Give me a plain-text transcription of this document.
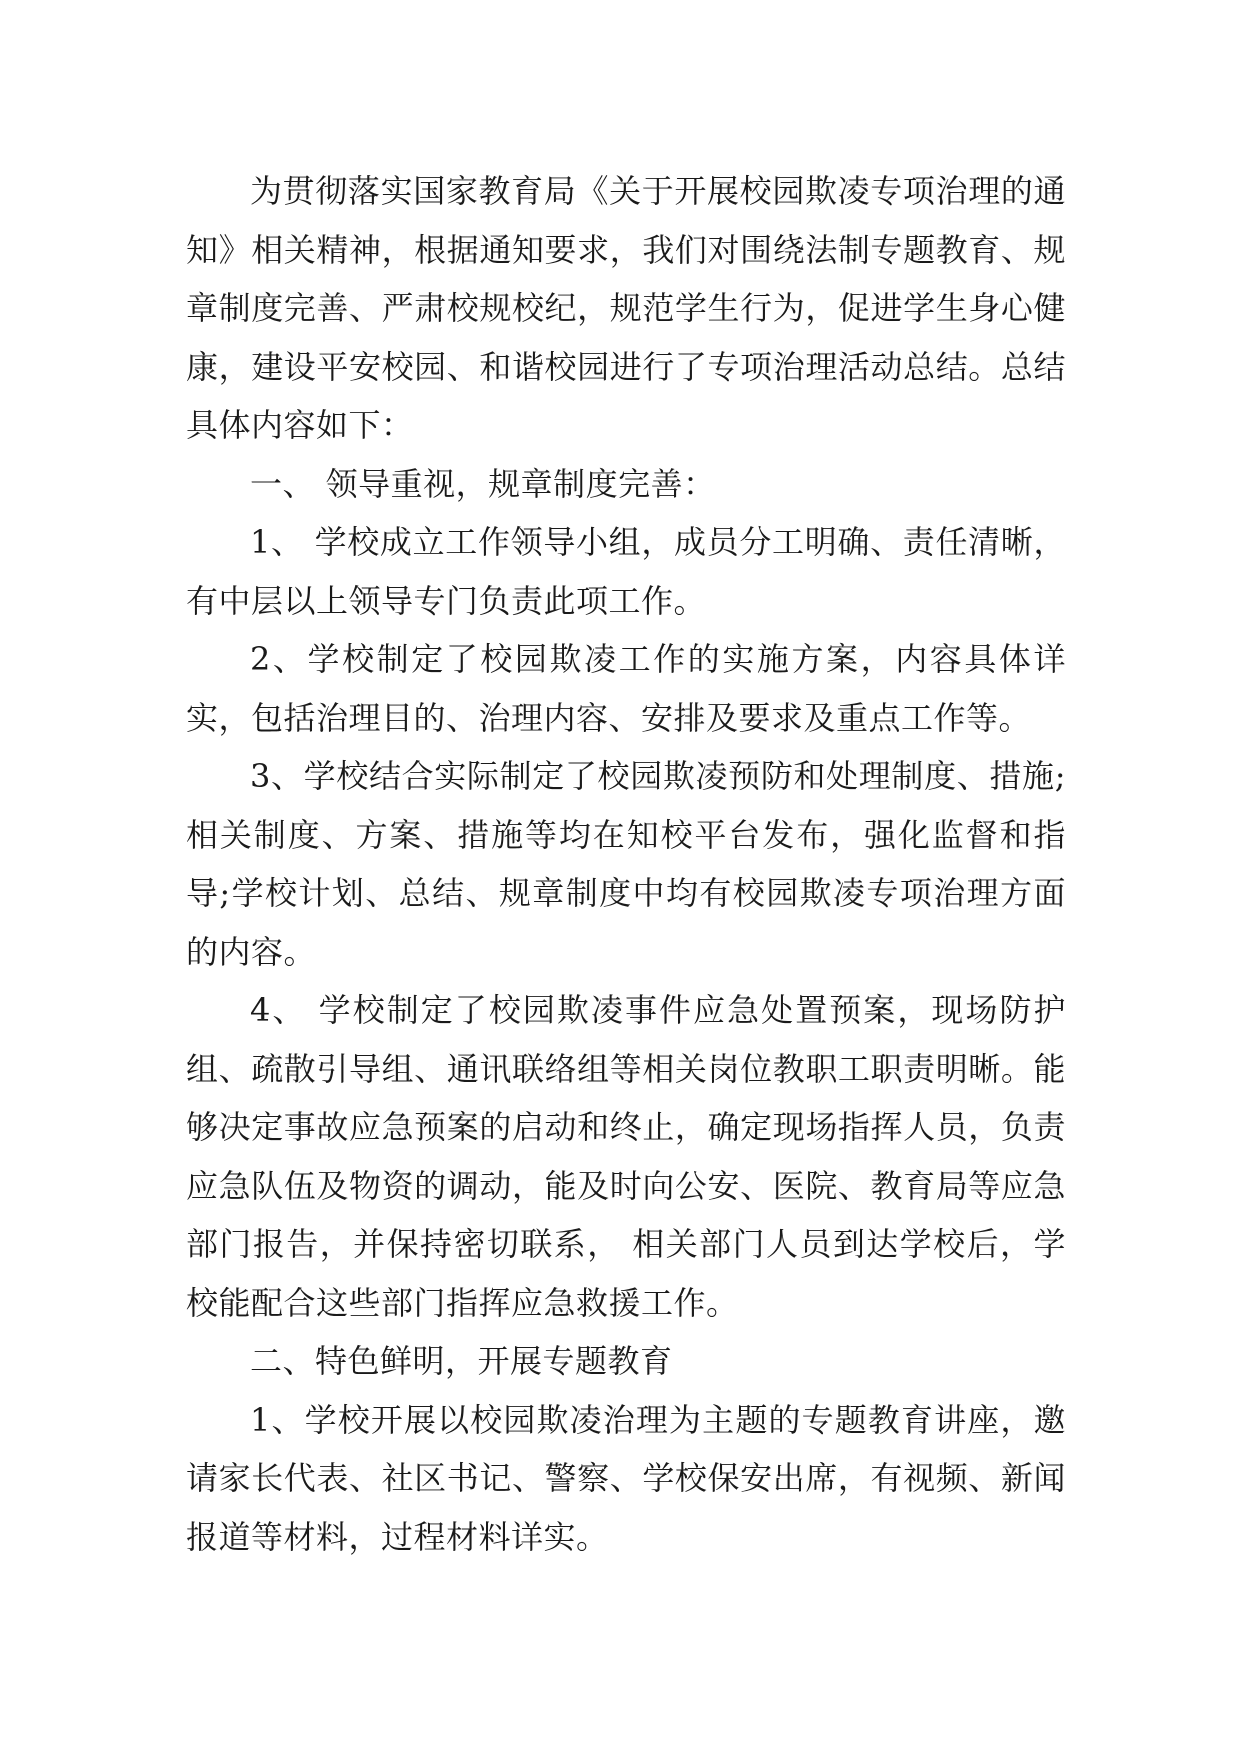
为贯彻落实国家教育局《关于开展校园欺凌专项治理的通知》相关精神，根据通知要求，我们对围绕法制专题教育、规章制度完善、严肃校规校纪，规范学生行为，促进学生身心健康，建设平安校园、和谐校园进行了专项治理活动总结。总结具体内容如下：

一、 领导重视，规章制度完善：

1、 学校成立工作领导小组，成员分工明确、责任清晰，有中层以上领导专门负责此项工作。

2、学校制定了校园欺凌工作的实施方案，内容具体详实，包括治理目的、治理内容、安排及要求及重点工作等。

3、学校结合实际制定了校园欺凌预防和处理制度、措施;相关制度、方案、措施等均在知校平台发布，强化监督和指导;学校计划、总结、规章制度中均有校园欺凌专项治理方面的内容。

4、 学校制定了校园欺凌事件应急处置预案，现场防护组、疏散引导组、通讯联络组等相关岗位教职工职责明晰。能够决定事故应急预案的启动和终止，确定现场指挥人员，负责应急队伍及物资的调动，能及时向公安、医院、教育局等应急部门报告，并保持密切联系， 相关部门人员到达学校后，学校能配合这些部门指挥应急救援工作。

二、特色鲜明，开展专题教育

1、学校开展以校园欺凌治理为主题的专题教育讲座，邀请家长代表、社区书记、警察、学校保安出席，有视频、新闻报道等材料，过程材料详实。
